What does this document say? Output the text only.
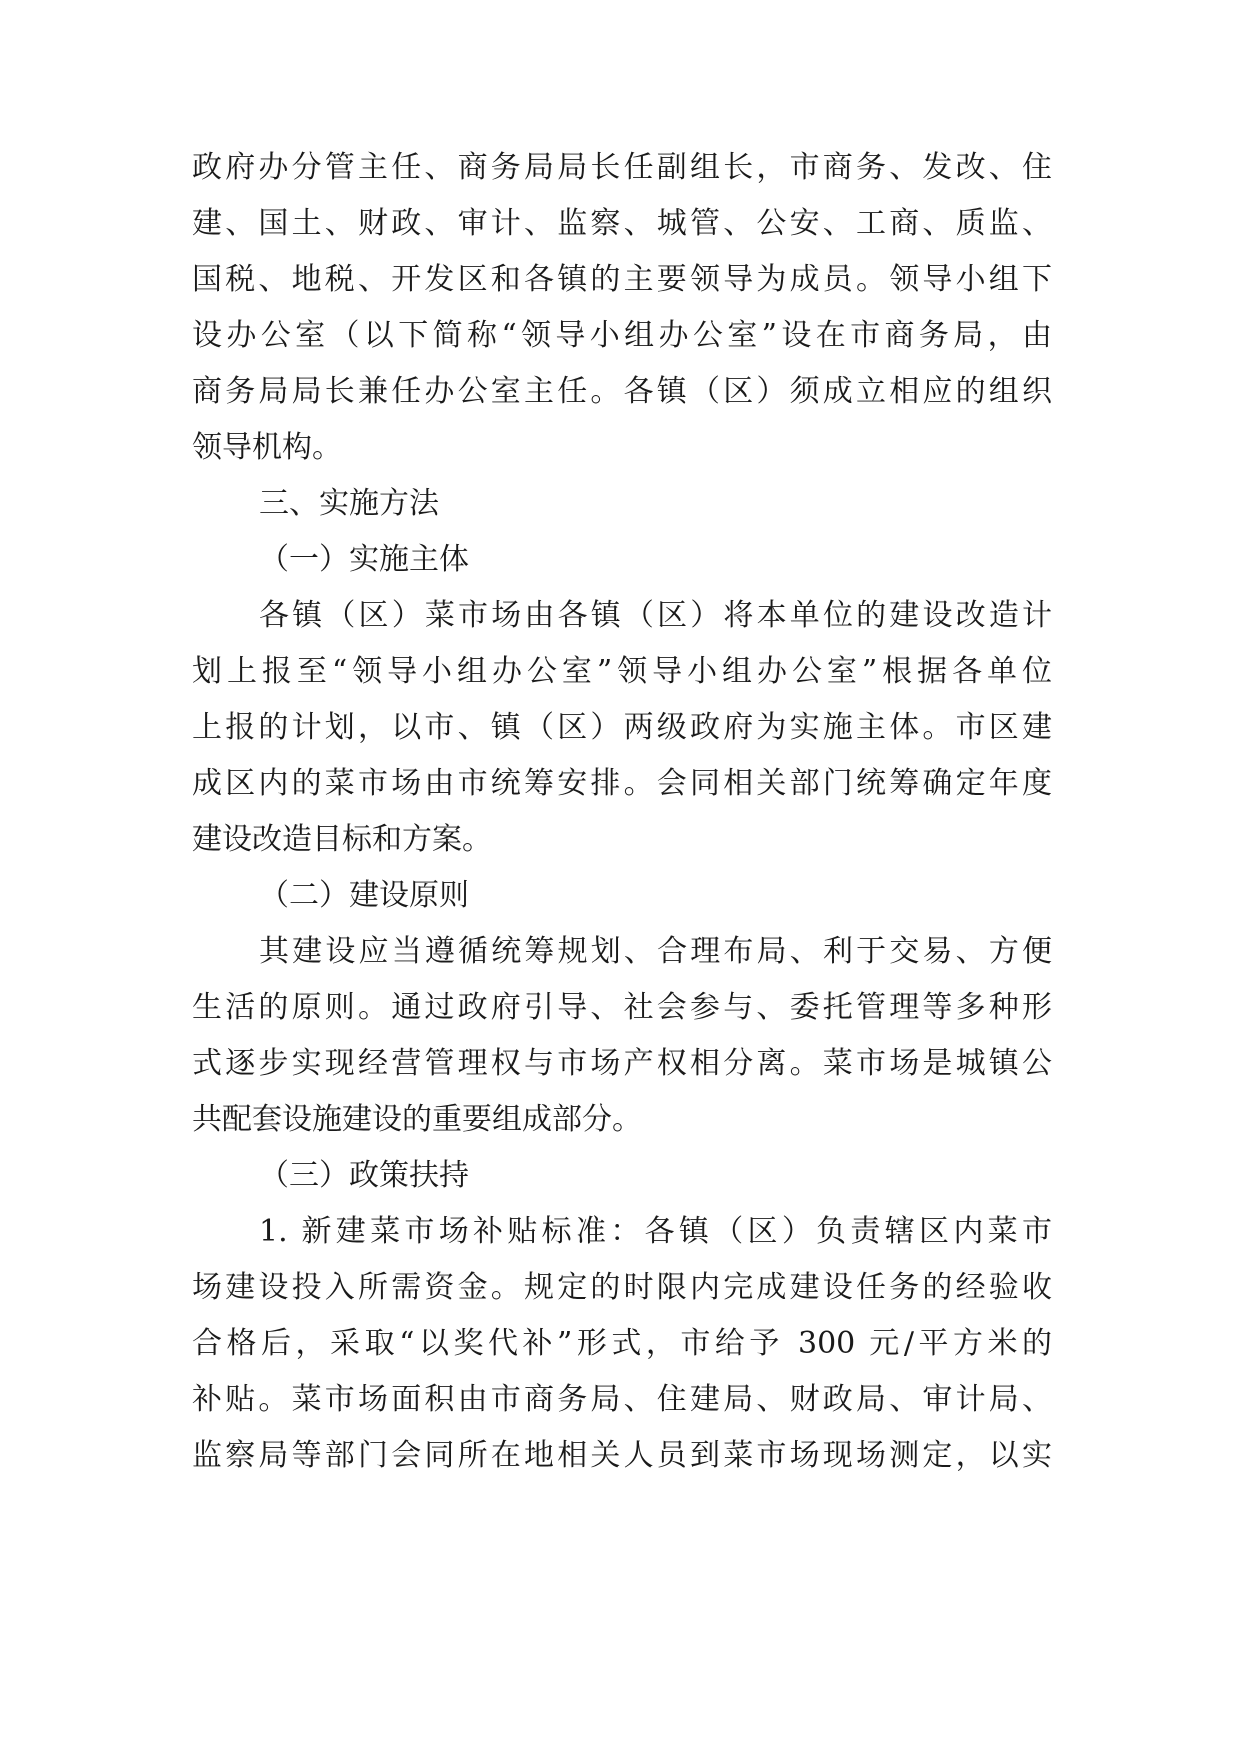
政府办分管主任、商务局局长任副组长，市商务、发改、住
建、国土、财政、审计、监察、城管、公安、工商、质监、
国税、地税、开发区和各镇的主要领导为成员。领导小组下
设办公室（以下简称“领导小组办公室”设在市商务局，由
商务局局长兼任办公室主任。各镇（区）须成立相应的组织
领导机构。
三、实施方法
（一）实施主体
各镇（区）菜市场由各镇（区）将本单位的建设改造计
划上报至“领导小组办公室”领导小组办公室”根据各单位
上报的计划，以市、镇（区）两级政府为实施主体。市区建
成区内的菜市场由市统筹安排。会同相关部门统筹确定年度
建设改造目标和方案。
（二）建设原则
其建设应当遵循统筹规划、合理布局、利于交易、方便
生活的原则。通过政府引导、社会参与、委托管理等多种形
式逐步实现经营管理权与市场产权相分离。菜市场是城镇公
共配套设施建设的重要组成部分。
（三）政策扶持
1. 新建菜市场补贴标准：各镇（区）负责辖区内菜市
场建设投入所需资金。规定的时限内完成建设任务的经验收
合格后，采取“以奖代补”形式，市给予 300 元/平方米的
补贴。菜市场面积由市商务局、住建局、财政局、审计局、
监察局等部门会同所在地相关人员到菜市场现场测定，以实
